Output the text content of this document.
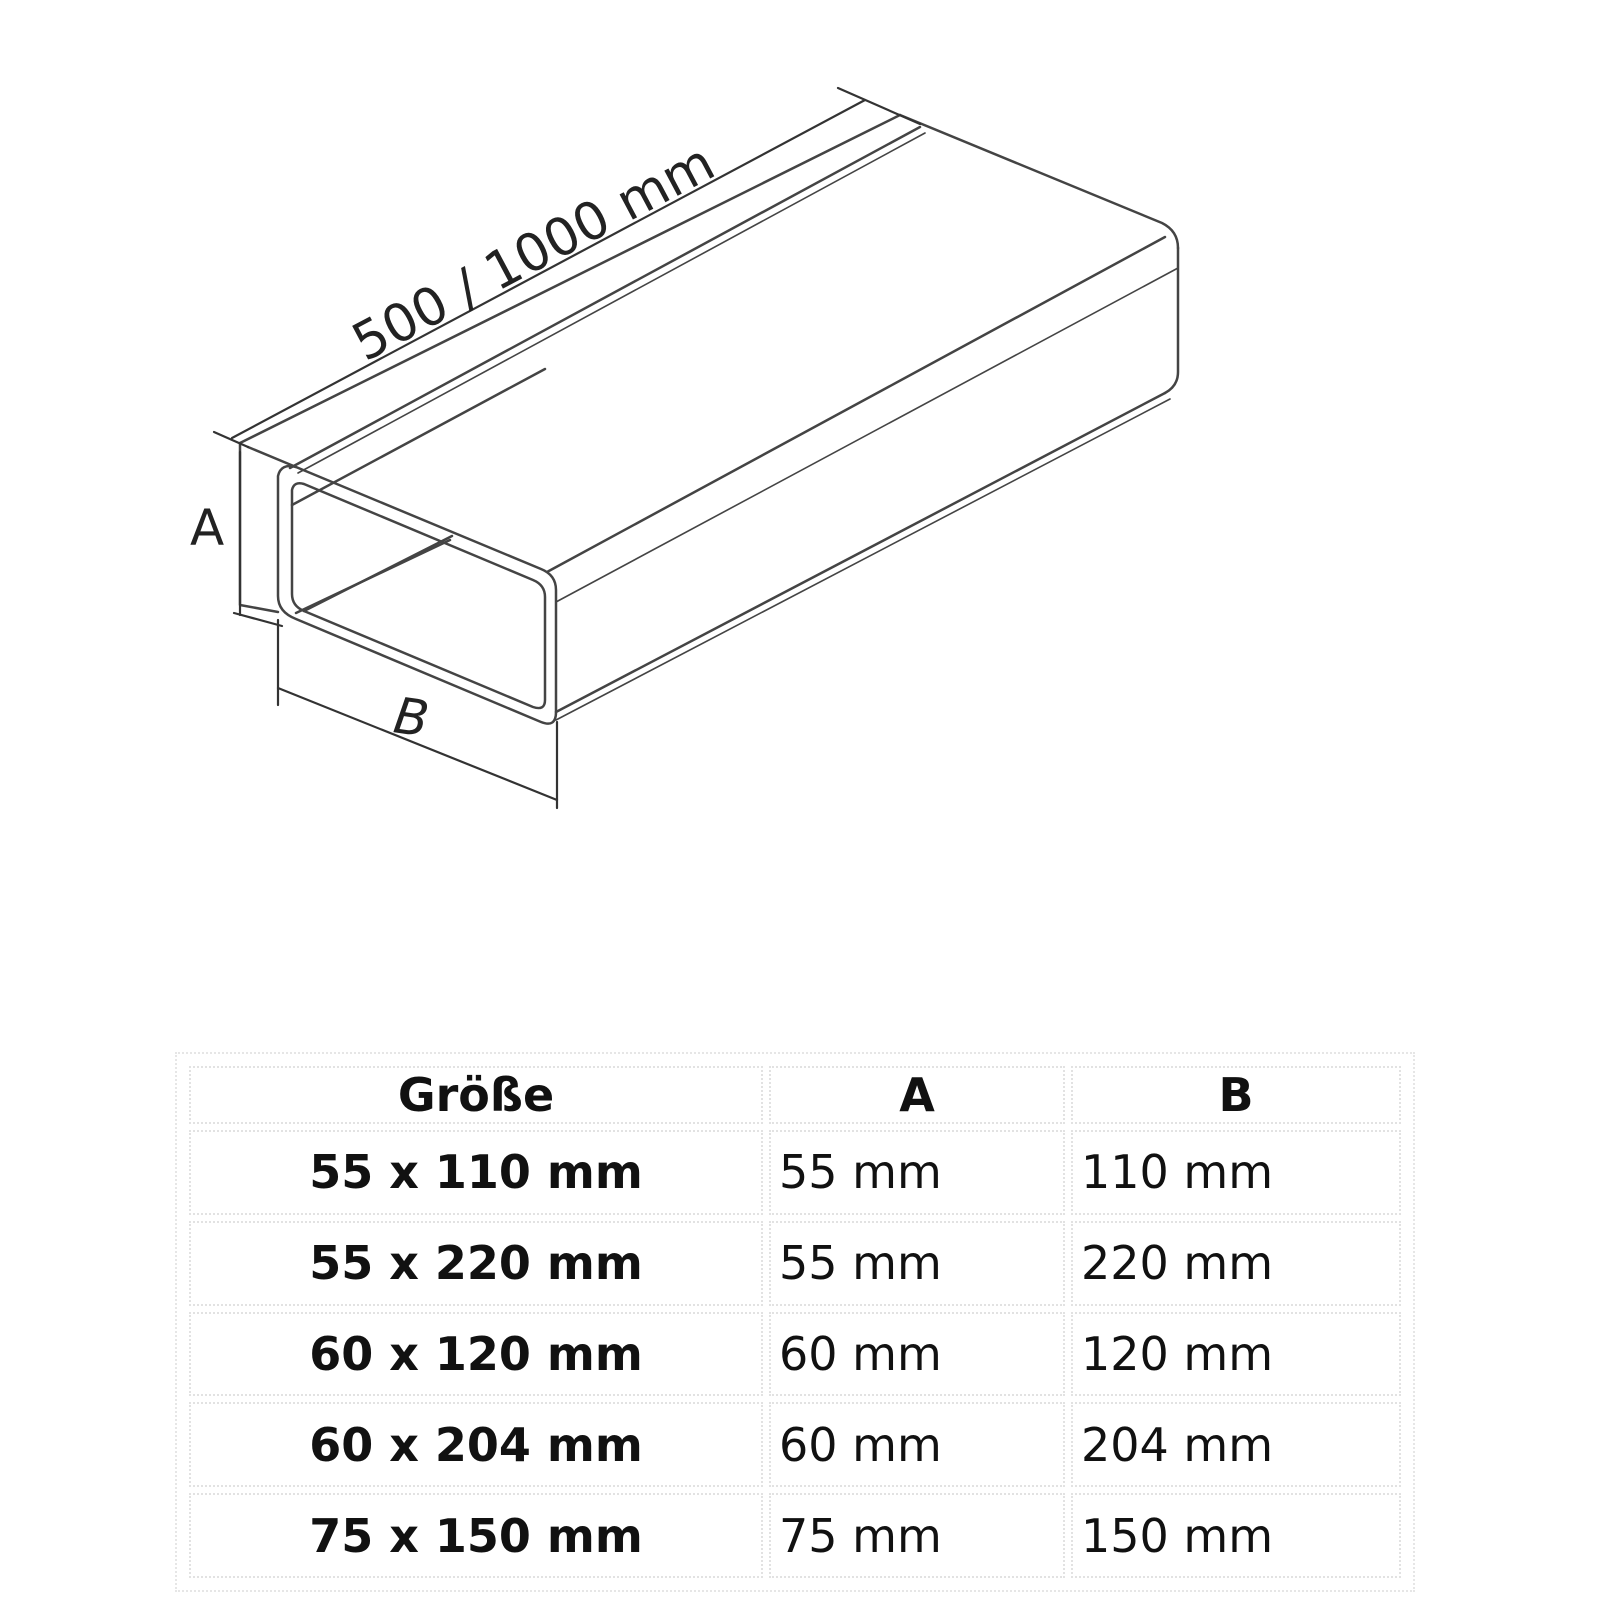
500 / 1000 mm
A
B
Größe	A	B
55 x 110 mm	55 mm	110 mm
55 x 220 mm	55 mm	220 mm
60 x 120 mm	60 mm	120 mm
60 x 204 mm	60 mm	204 mm
75 x 150 mm	75 mm	150 mm
